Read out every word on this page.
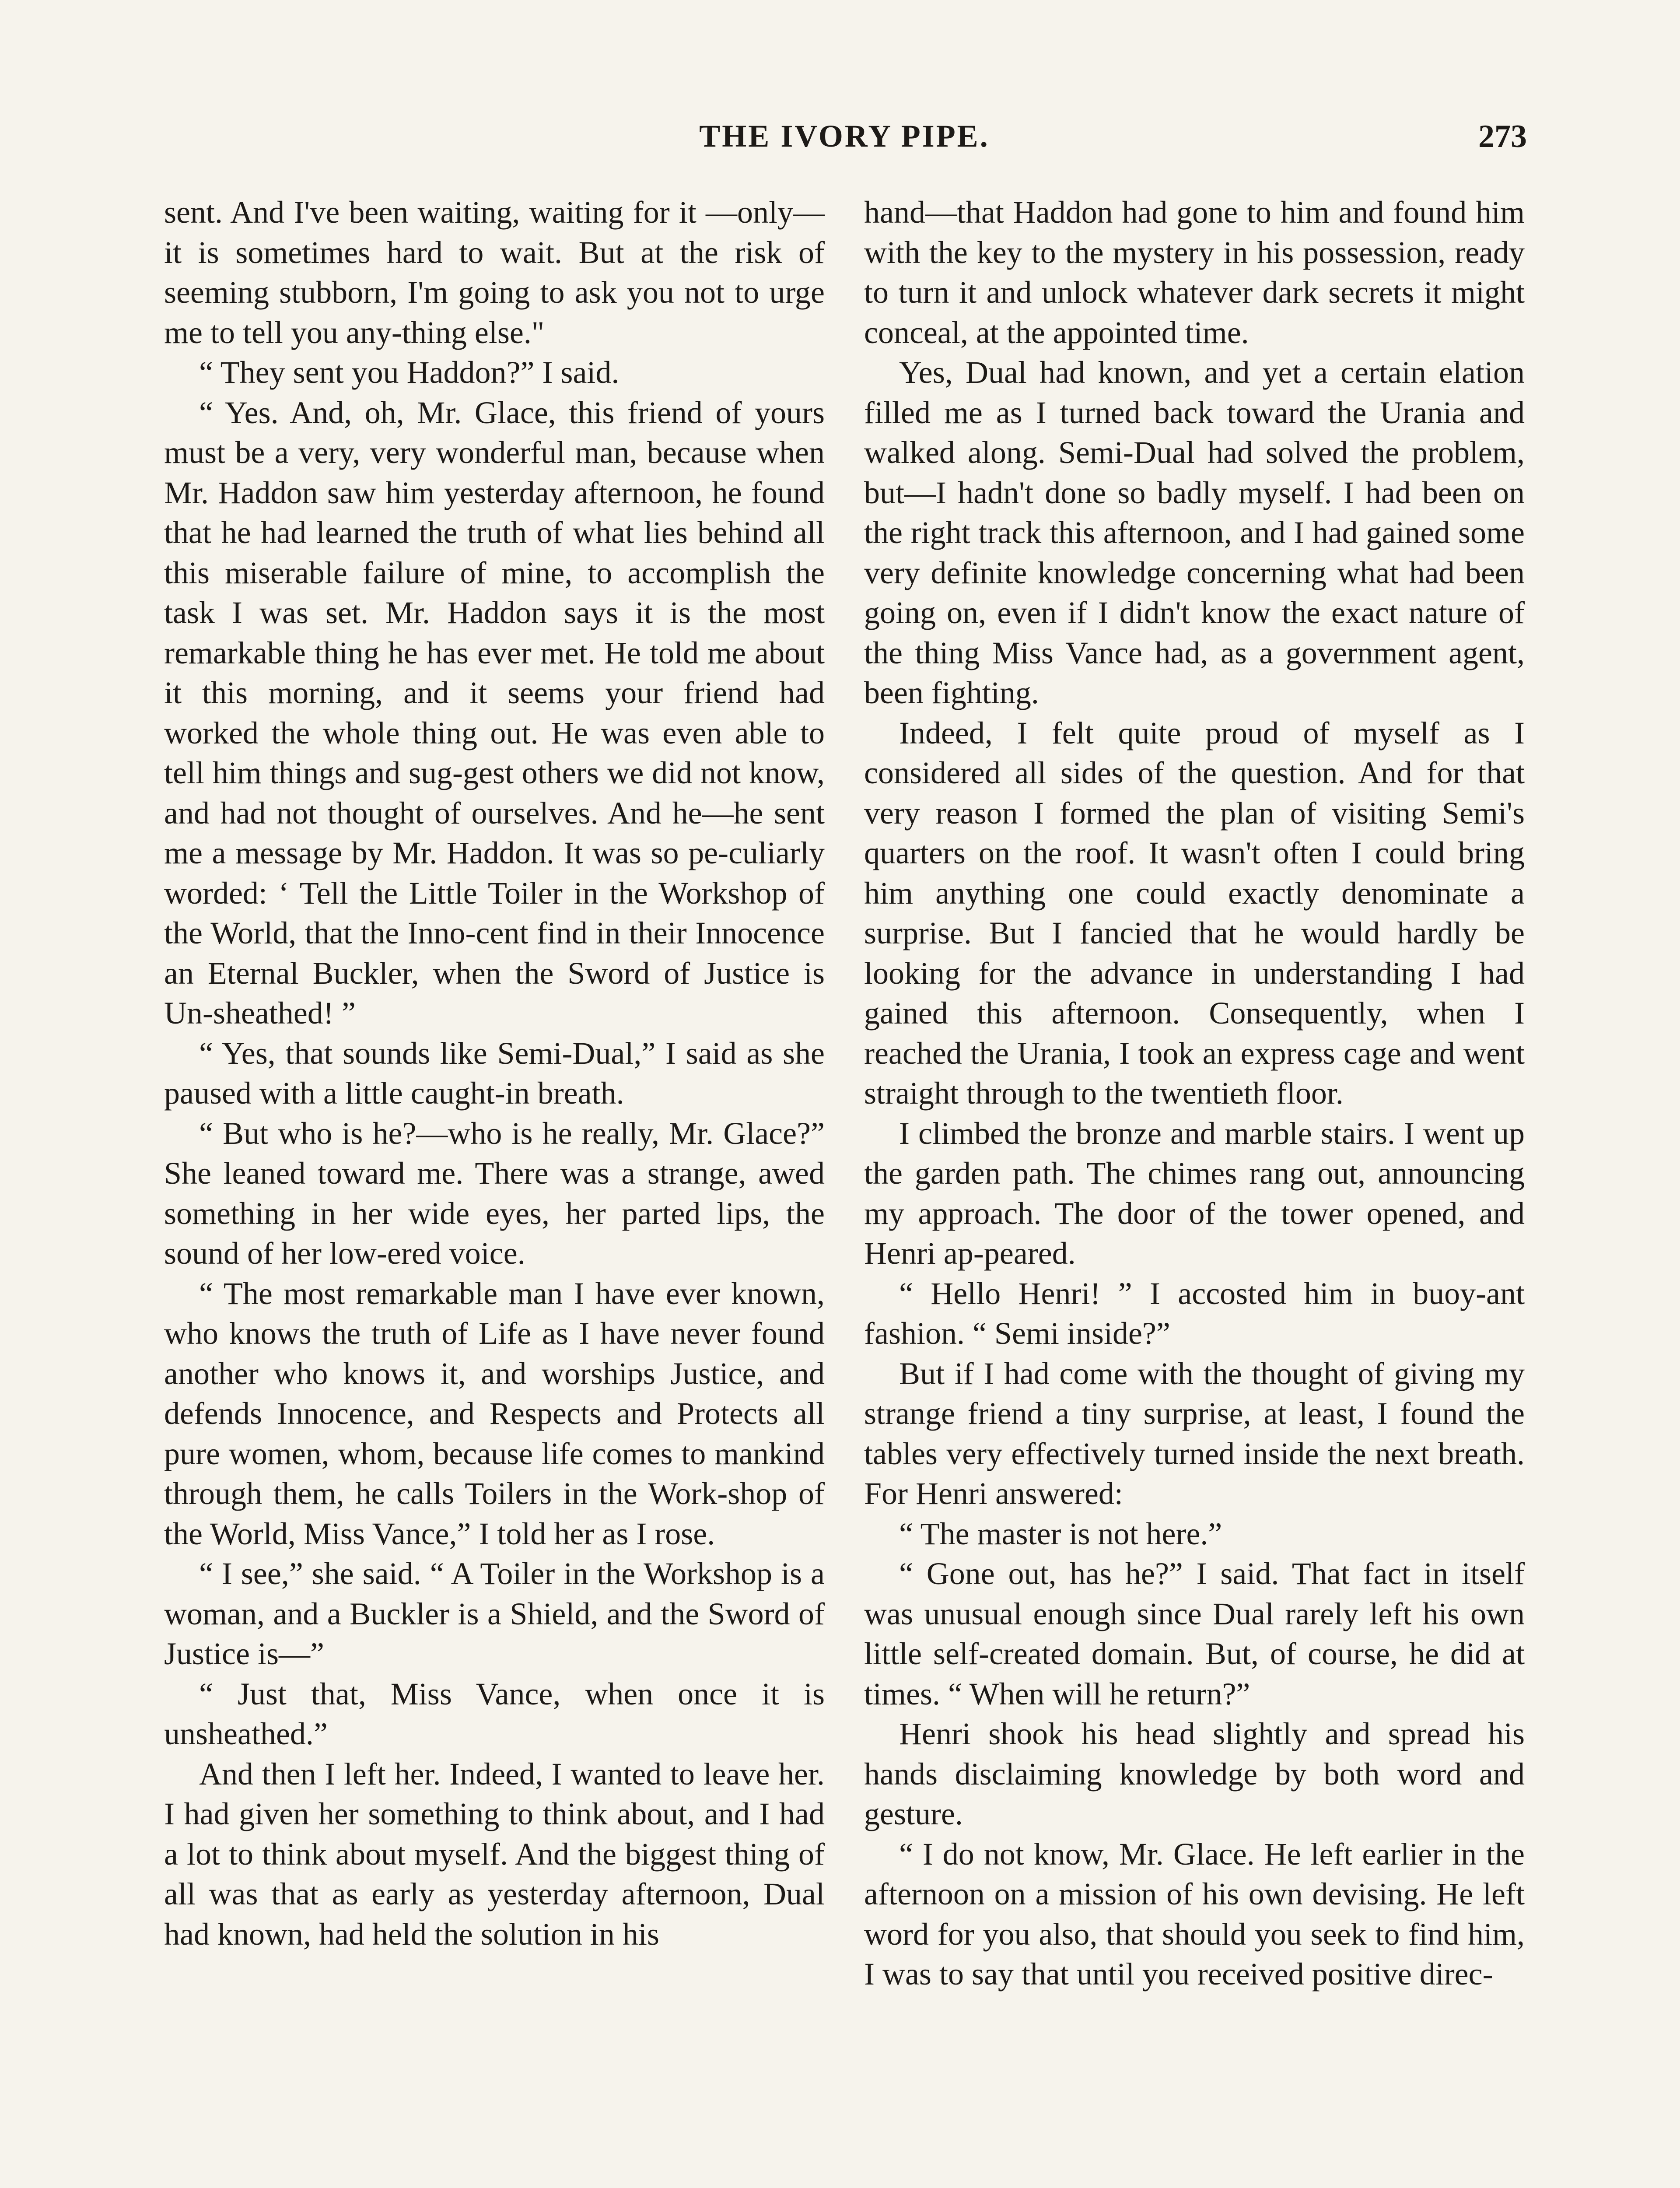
THE IVORY PIPE.	273

sent. And I've been waiting, waiting for it —only—it is sometimes hard to wait. But at the risk of seeming stubborn, I'm going to ask you not to urge me to tell you any-thing else."

“ They sent you Haddon?” I said.

“ Yes. And, oh, Mr. Glace, this friend of yours must be a very, very wonderful man, because when Mr. Haddon saw him yesterday afternoon, he found that he had learned the truth of what lies behind all this miserable failure of mine, to accomplish the task I was set. Mr. Haddon says it is the most remarkable thing he has ever met. He told me about it this morning, and it seems your friend had worked the whole thing out. He was even able to tell him things and sug-gest others we did not know, and had not thought of ourselves. And he—he sent me a message by Mr. Haddon. It was so pe-culiarly worded: ‘ Tell the Little Toiler in the Workshop of the World, that the Inno-cent find in their Innocence an Eternal Buckler, when the Sword of Justice is Un-sheathed! ”

“ Yes, that sounds like Semi-Dual,” I said as she paused with a little caught-in breath.

“ But who is he?—who is he really, Mr. Glace?” She leaned toward me. There was a strange, awed something in her wide eyes, her parted lips, the sound of her low-ered voice.

“ The most remarkable man I have ever known, who knows the truth of Life as I have never found another who knows it, and worships Justice, and defends Innocence, and Respects and Protects all pure women, whom, because life comes to mankind through them, he calls Toilers in the Work-shop of the World, Miss Vance,” I told her as I rose.

“ I see,” she said. “ A Toiler in the Workshop is a woman, and a Buckler is a Shield, and the Sword of Justice is—”

“ Just that, Miss Vance, when once it is unsheathed.”

And then I left her. Indeed, I wanted to leave her. I had given her something to think about, and I had a lot to think about myself. And the biggest thing of all was that as early as yesterday afternoon, Dual had known, had held the solution in his

hand—that Haddon had gone to him and found him with the key to the mystery in his possession, ready to turn it and unlock whatever dark secrets it might conceal, at the appointed time.

Yes, Dual had known, and yet a certain elation filled me as I turned back toward the Urania and walked along. Semi-Dual had solved the problem, but—I hadn't done so badly myself. I had been on the right track this afternoon, and I had gained some very definite knowledge concerning what had been going on, even if I didn't know the exact nature of the thing Miss Vance had, as a government agent, been fighting.

Indeed, I felt quite proud of myself as I considered all sides of the question. And for that very reason I formed the plan of visiting Semi's quarters on the roof. It wasn't often I could bring him anything one could exactly denominate a surprise. But I fancied that he would hardly be looking for the advance in understanding I had gained this afternoon. Consequently, when I reached the Urania, I took an express cage and went straight through to the twentieth floor.

I climbed the bronze and marble stairs. I went up the garden path. The chimes rang out, announcing my approach. The door of the tower opened, and Henri ap-peared.

“ Hello Henri! ” I accosted him in buoy-ant fashion. “ Semi inside?”

But if I had come with the thought of giving my strange friend a tiny surprise, at least, I found the tables very effectively turned inside the next breath. For Henri answered:

“ The master is not here.”

“ Gone out, has he?” I said. That fact in itself was unusual enough since Dual rarely left his own little self-created domain. But, of course, he did at times. “ When will he return?”

Henri shook his head slightly and spread his hands disclaiming knowledge by both word and gesture.

“ I do not know, Mr. Glace. He left earlier in the afternoon on a mission of his own devising. He left word for you also, that should you seek to find him, I was to say that until you received positive direc-
